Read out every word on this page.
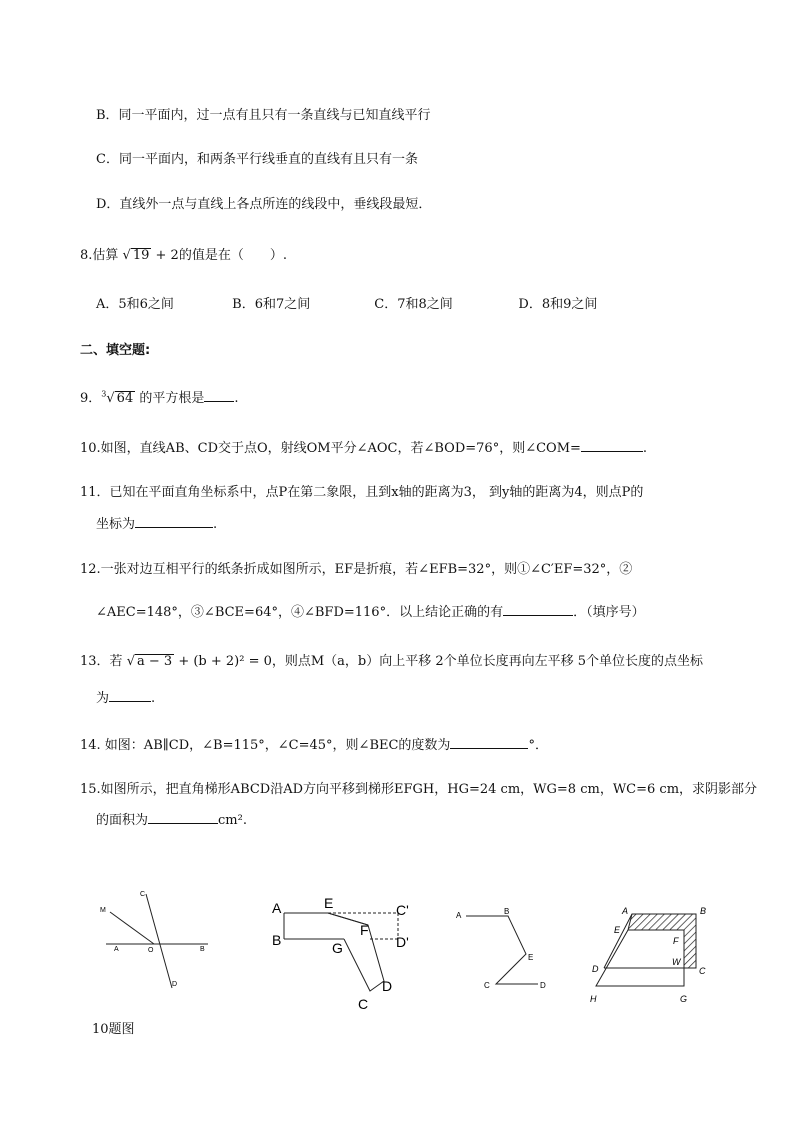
B．同一平面内，过一点有且只有一条直线与已知直线平行
C．同一平面内，和两条平行线垂直的直线有且只有一条
D．直线外一点与直线上各点所连的线段中，垂线段最短．
8.估算 √ 19 + 2的值是在（　　）.
A．5和6之间	B．6和7之间	C．7和8之间	D．8和9之间
二、填空题:
9．$^3$√ 64 的平方根是 .
10.如图，直线AB、CD交于点O，射线OM平分∠AOC，若∠BOD=76°，则∠COM=	.
11．已知在平面直角坐标系中，点P在第二象限，且到x轴的距离为3， 到y轴的距离为4，则点P的
坐标为	.
12.一张对边互相平行的纸条折成如图所示，EF是折痕，若∠EFB=32°，则①∠C′EF=32°，②
∠AEC=148°，③∠BCE=64°，④∠BFD=116°．以上结论正确的有	．（填序号）
13．若 √ a − 3 + (b + 2)² = 0，则点M（a，b）向上平移 2个单位长度再向左平移 5个单位长度的点坐标
为	.
14. 如图：AB∥CD，∠B=115°，∠C=45°，则∠BEC的度数为	°．
15.如图所示，把直角梯形ABCD沿AD方向平移到梯形EFGH，HG=24 cm，WG=8 cm，WC=6 cm，求阴影部分
的面积为	cm².
C
M
A	O	B
D
A	E	C'
B	G
F
D'
C
D
A	B
E
C	D
A	B
E
F
D
W
C
H	G
10题图
